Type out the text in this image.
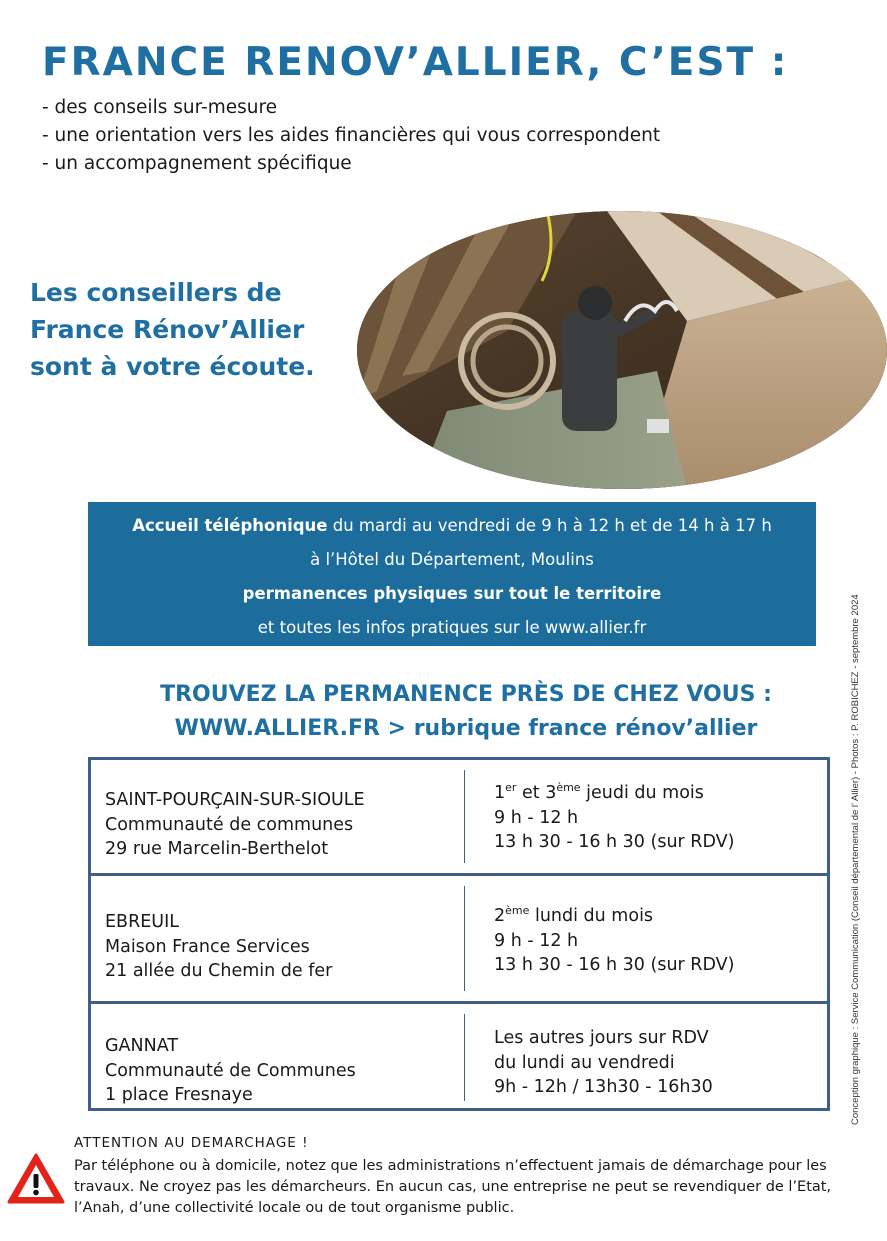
FRANCE RENOV’ALLIER, C’EST :
- des conseils sur-mesure
- une orientation vers les aides financières qui vous correspondent
- un accompagnement spécifique
Les conseillers de
France Rénov’Allier
sont à votre écoute.
Accueil téléphonique du mardi au vendredi de 9 h à 12 h et de 14 h à 17 h
à l’Hôtel du Département, Moulins
permanences physiques sur tout le territoire
et toutes les infos pratiques sur le www.allier.fr
TROUVEZ LA PERMANENCE PRÈS DE CHEZ VOUS :
WWW.ALLIER.FR > rubrique france rénov’allier
SAINT-POURÇAIN-SUR-SIOULE
Communauté de communes
29 rue Marcelin-Berthelot
1er et 3ème jeudi du mois
9 h - 12 h
13 h 30 - 16 h 30 (sur RDV)
EBREUIL
Maison France Services
21 allée du Chemin de fer
2ème lundi du mois
9 h - 12 h
13 h 30 - 16 h 30 (sur RDV)
GANNAT
Communauté de Communes
1 place Fresnaye
Les autres jours sur RDV
du lundi au vendredi
9h - 12h / 13h30 - 16h30

ATTENTION AU DEMARCHAGE !

Par téléphone ou à domicile, notez que les administrations n’effectuent jamais de démarchage pour les travaux. Ne croyez pas les démarcheurs. En aucun cas, une entreprise ne peut se revendiquer de l’Etat, l’Anah, d’une collectivité locale ou de tout organisme public.

Conception graphique : Service Communication (Conseil départemental de l’ Allier) - Photos : P. ROBICHEZ - septembre 2024
